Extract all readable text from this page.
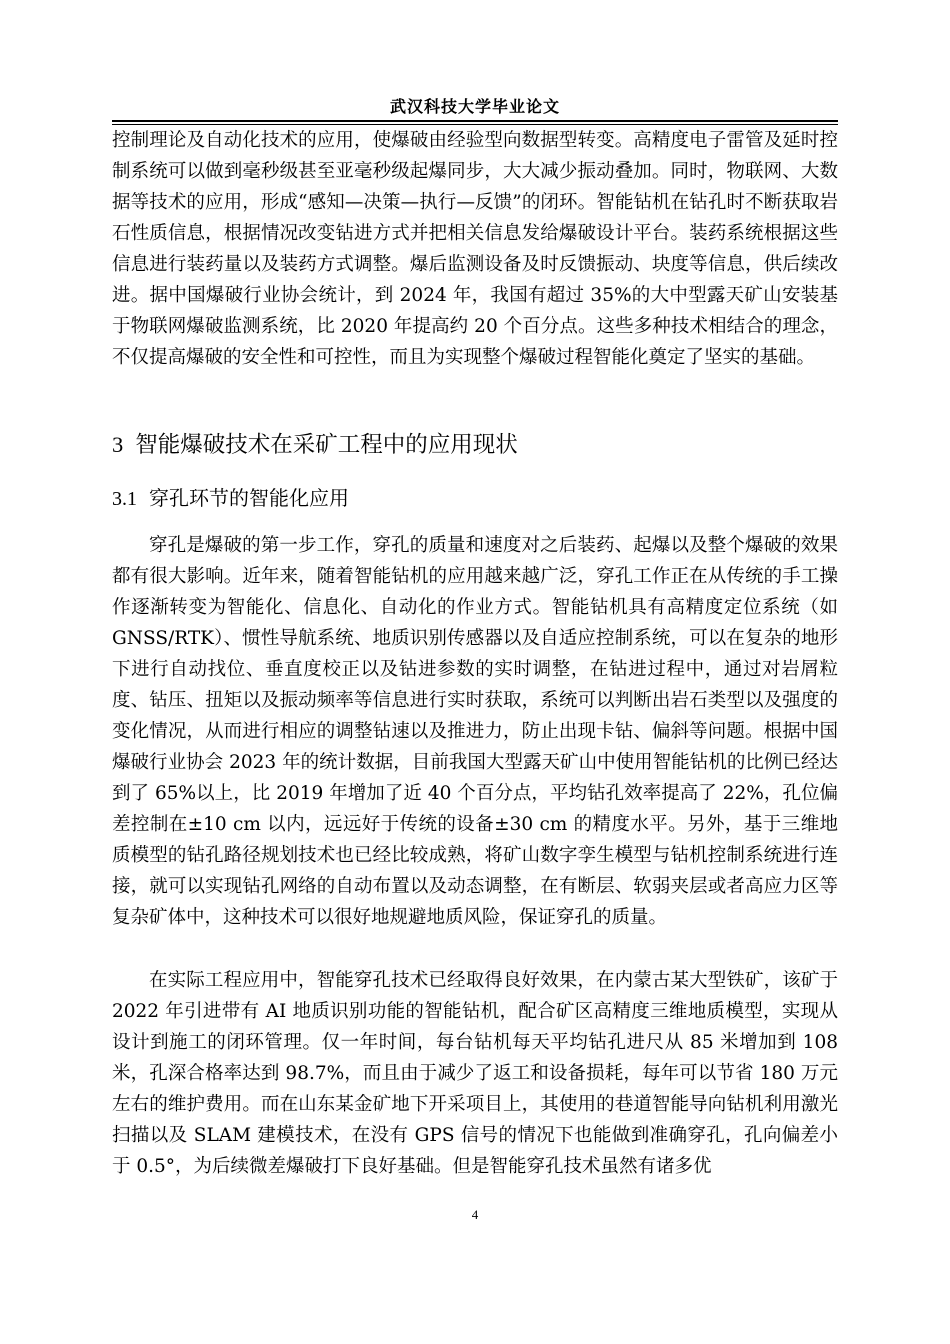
武汉科技大学毕业论文

控制理论及自动化技术的应用，使爆破由经验型向数据型转变。高精度电子雷管及延时控制系统可以做到毫秒级甚至亚毫秒级起爆同步，大大减少振动叠加。同时，物联网、大数据等技术的应用，形成“感知—决策—执行—反馈”的闭环。智能钻机在钻孔时不断获取岩石性质信息，根据情况改变钻进方式并把相关信息发给爆破设计平台。装药系统根据这些信息进行装药量以及装药方式调整。爆后监测设备及时反馈振动、块度等信息，供后续改进。据中国爆破行业协会统计，到 2024 年，我国有超过 35%的大中型露天矿山安装基于物联网爆破监测系统，比 2020 年提高约 20 个百分点。这些多种技术相结合的理念，不仅提高爆破的安全性和可控性，而且为实现整个爆破过程智能化奠定了坚实的基础。

3 智能爆破技术在采矿工程中的应用现状
3.1 穿孔环节的智能化应用

穿孔是爆破的第一步工作，穿孔的质量和速度对之后装药、起爆以及整个爆破的效果都有很大影响。近年来，随着智能钻机的应用越来越广泛，穿孔工作正在从传统的手工操作逐渐转变为智能化、信息化、自动化的作业方式。智能钻机具有高精度定位系统（如 GNSS/RTK）、惯性导航系统、地质识别传感器以及自适应控制系统，可以在复杂的地形下进行自动找位、垂直度校正以及钻进参数的实时调整，在钻进过程中，通过对岩屑粒度、钻压、扭矩以及振动频率等信息进行实时获取，系统可以判断出岩石类型以及强度的变化情况，从而进行相应的调整钻速以及推进力，防止出现卡钻、偏斜等问题。根据中国爆破行业协会 2023 年的统计数据，目前我国大型露天矿山中使用智能钻机的比例已经达到了 65%以上，比 2019 年增加了近 40 个百分点，平均钻孔效率提高了 22%，孔位偏差控制在±10 cm 以内，远远好于传统的设备±30 cm 的精度水平。另外，基于三维地质模型的钻孔路径规划技术也已经比较成熟，将矿山数字孪生模型与钻机控制系统进行连接，就可以实现钻孔网络的自动布置以及动态调整，在有断层、软弱夹层或者高应力区等复杂矿体中，这种技术可以很好地规避地质风险，保证穿孔的质量。

在实际工程应用中，智能穿孔技术已经取得良好效果，在内蒙古某大型铁矿，该矿于 2022 年引进带有 AI 地质识别功能的智能钻机，配合矿区高精度三维地质模型，实现从设计到施工的闭环管理。仅一年时间，每台钻机每天平均钻孔进尺从 85 米增加到 108 米，孔深合格率达到 98.7%，而且由于减少了返工和设备损耗，每年可以节省 180 万元左右的维护费用。而在山东某金矿地下开采项目上，其使用的巷道智能导向钻机利用激光扫描以及 SLAM 建模技术，在没有 GPS 信号的情况下也能做到准确穿孔，孔向偏差小于 0.5°，为后续微差爆破打下良好基础。但是智能穿孔技术虽然有诸多优

4
